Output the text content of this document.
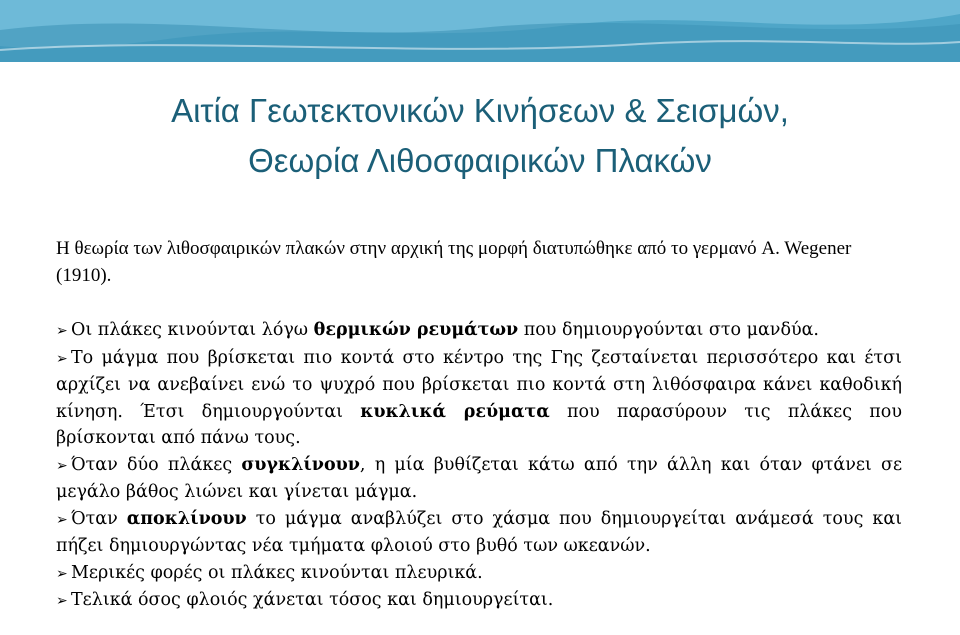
Αιτία Γεωτεκτονικών Κινήσεων & Σεισμών,
Θεωρία Λιθοσφαιρικών Πλακών

Η θεωρία των λιθοσφαιρικών πλακών στην αρχική της μορφή διατυπώθηκε από το γερμανό A. Wegener (1910).

➢ Οι πλάκες κινούνται λόγω θερμικών ρευμάτων που δημιουργούνται στο μανδύα.

➢ Το μάγμα που βρίσκεται πιο κοντά στο κέντρο της Γης ζεσταίνεται περισσότερο και έτσι αρχίζει να ανεβαίνει ενώ το ψυχρό που βρίσκεται πιο κοντά στη λιθόσφαιρα κάνει καθοδική κίνηση. Έτσι δημιουργούνται κυκλικά ρεύματα που παρασύρουν τις πλάκες που βρίσκονται από πάνω τους.

➢ Όταν δύο πλάκες συγκλίνουν, η μία βυθίζεται κάτω από την άλλη και όταν φτάνει σε μεγάλο βάθος λιώνει και γίνεται μάγμα.

➢ Όταν αποκλίνουν το μάγμα αναβλύζει στο χάσμα που δημιουργείται ανάμεσά τους και πήζει δημιουργώντας νέα τμήματα φλοιού στο βυθό των ωκεανών.

➢ Μερικές φορές οι πλάκες κινούνται πλευρικά.

➢ Τελικά όσος φλοιός χάνεται τόσος και δημιουργείται.
